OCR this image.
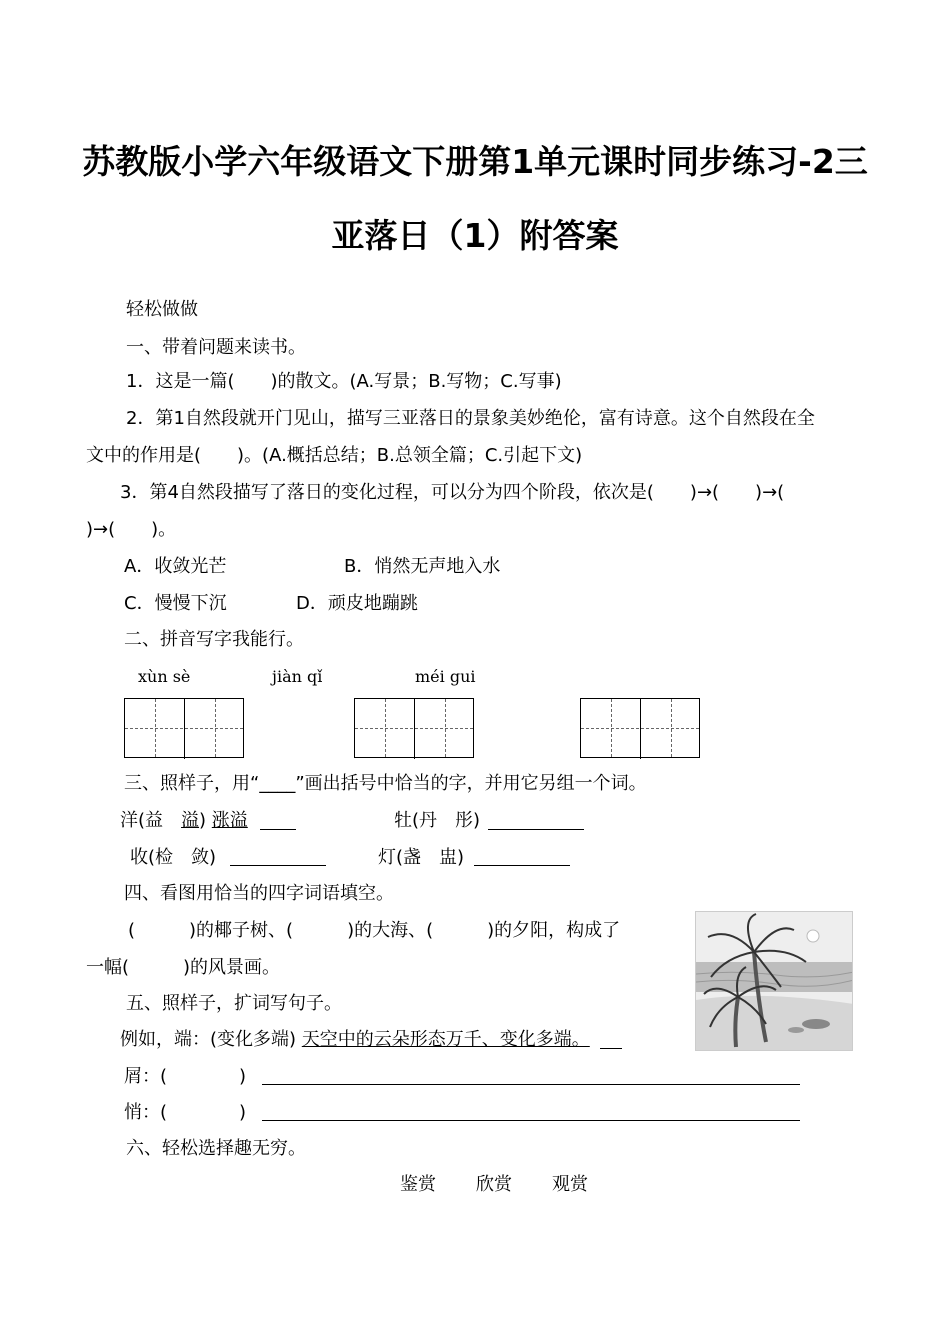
苏教版小学六年级语文下册第1单元课时同步练习-2三
亚落日（1）附答案
轻松做做
一、带着问题来读书。
1．这是一篇(　　)的散文。(A.写景；B.写物；C.写事)
2．第1自然段就开门见山，描写三亚落日的景象美妙绝伦，富有诗意。这个自然段在全
文中的作用是(　　)。(A.概括总结；B.总领全篇；C.引起下文)
3．第4自然段描写了落日的变化过程，可以分为四个阶段，依次是(　　)→(　　)→(
)→(　　)。
A．收敛光芒	B．悄然无声地入水
C．慢慢下沉	D．顽皮地蹦跳
二、拼音写字我能行。
xùn sè	jiàn qǐ	méi gui
三、照样子，用“____”画出括号中恰当的字，并用它另组一个词。
洋(益　溢) 涨溢	牡(丹　彤)
收(检　敛)	灯(盏　盅)
四、看图用恰当的四字词语填空。
(　　　)的椰子树、(　　　)的大海、(　　　)的夕阳，构成了
一幅(　　　)的风景画。
五、照样子，扩词写句子。
例如，端：(变化多端) 天空中的云朵形态万千、变化多端。
屑：(　　　　)
悄：(　　　　)
六、轻松选择趣无穷。
鉴赏 欣赏 观赏
